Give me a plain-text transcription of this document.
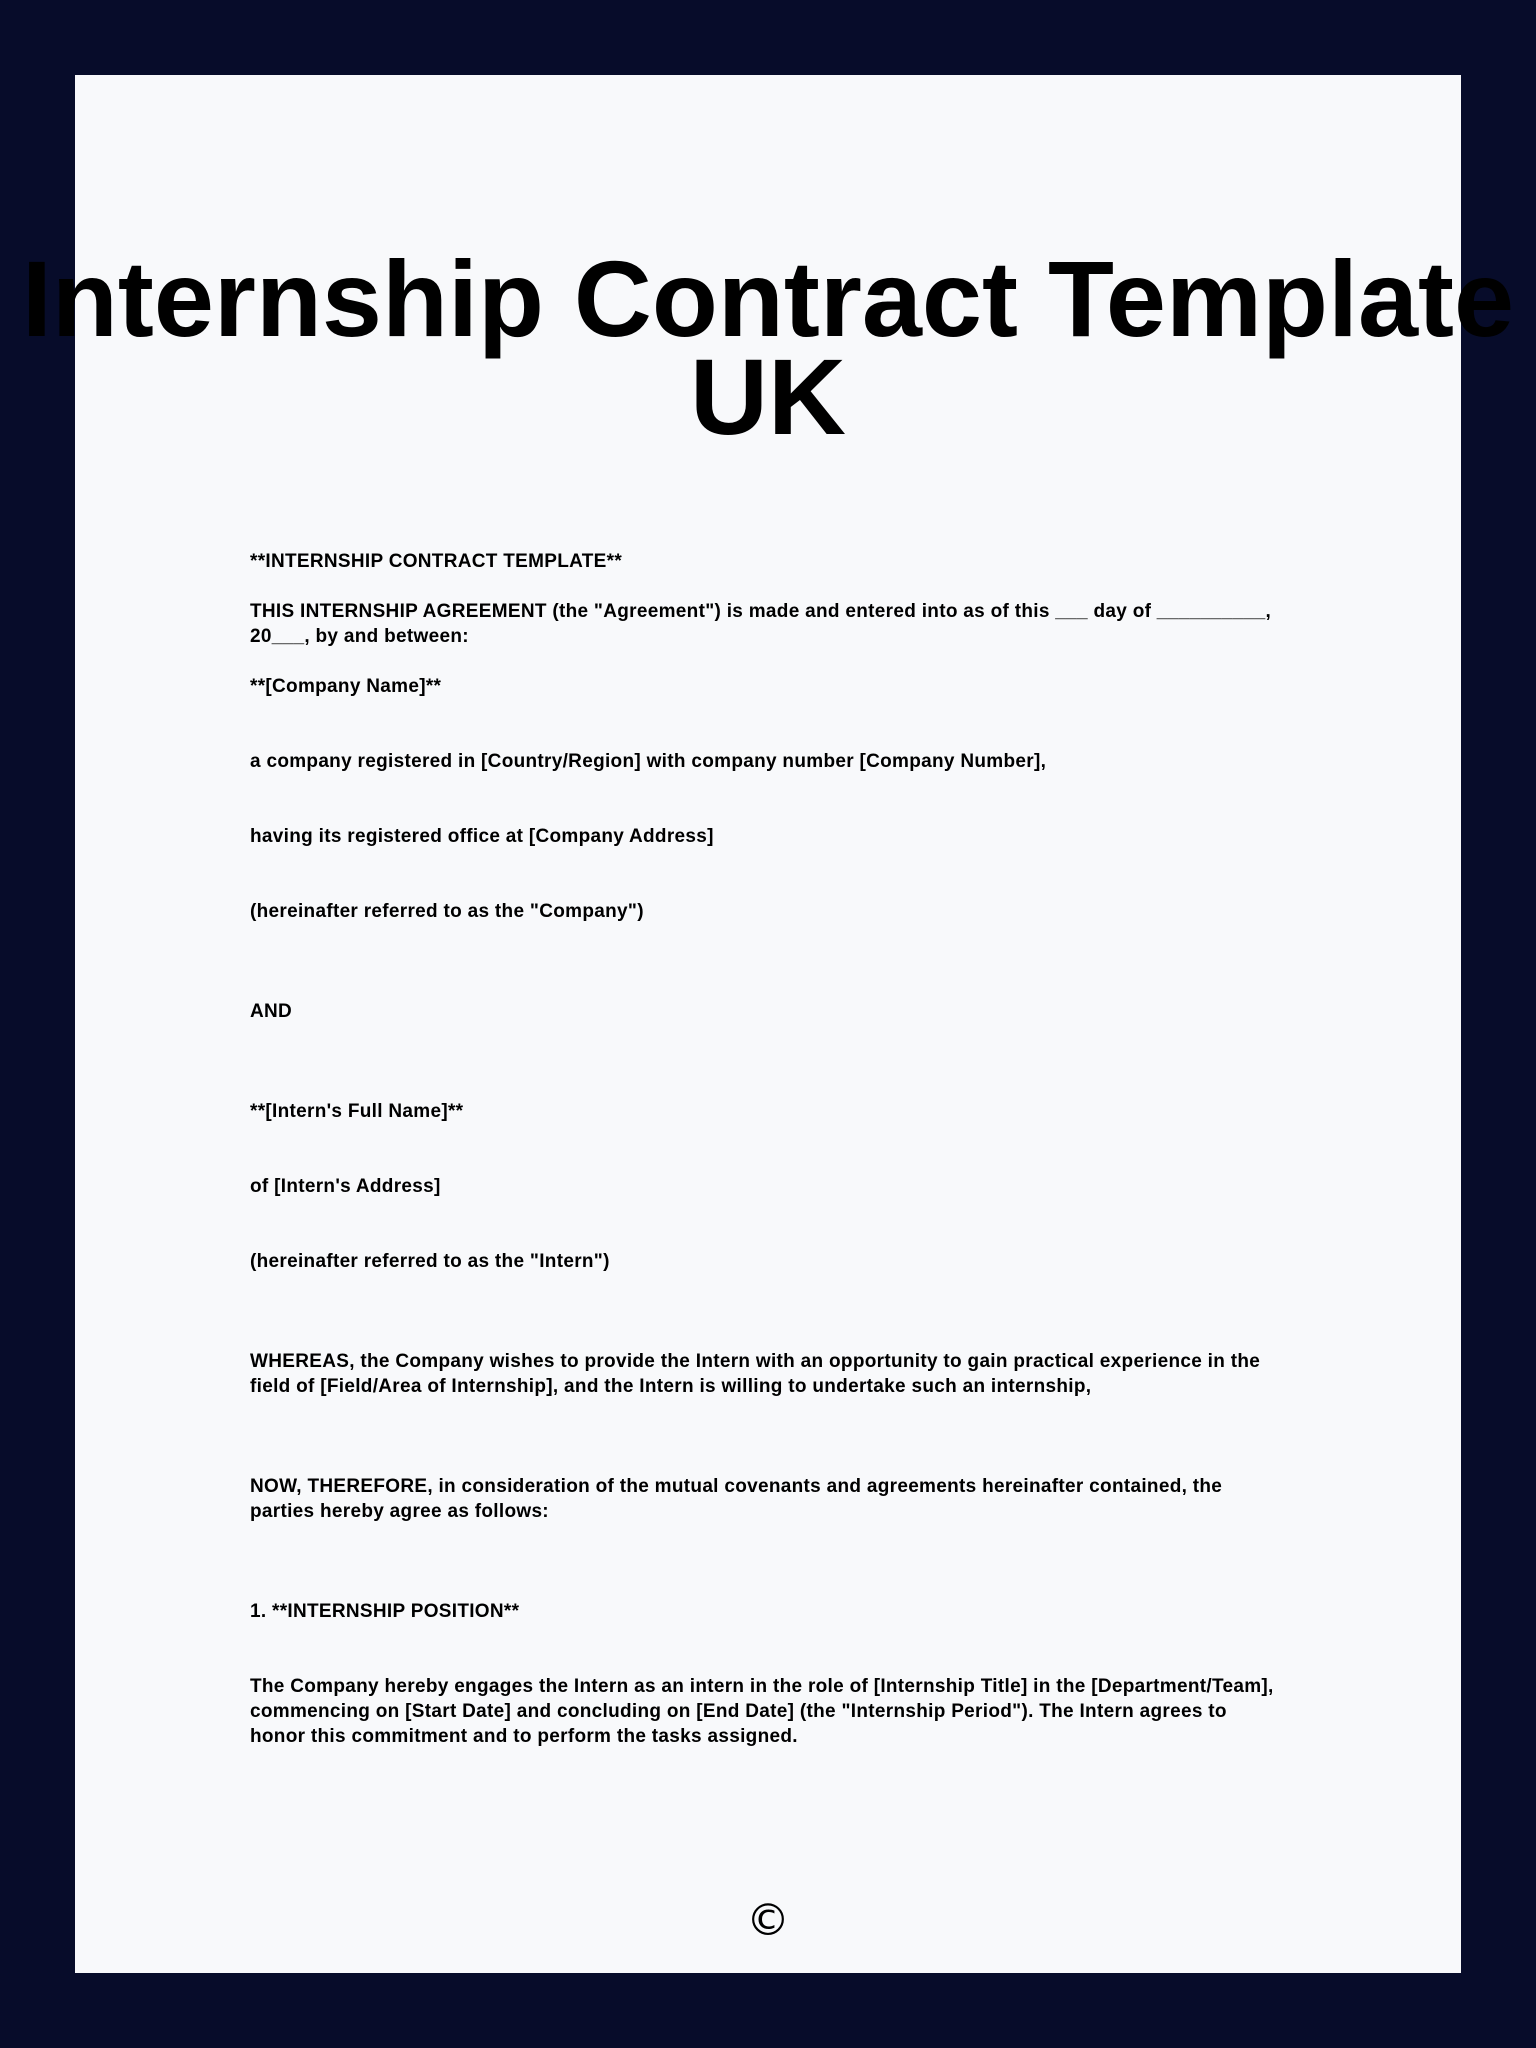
Internship Contract Template
UK

**INTERNSHIP CONTRACT TEMPLATE**

THIS INTERNSHIP AGREEMENT (the "Agreement") is made and entered into as of this ___ day of __________, 20___, by and between:

**[Company Name]**

a company registered in [Country/Region] with company number [Company Number],

having its registered office at [Company Address]

(hereinafter referred to as the "Company")

AND

**[Intern's Full Name]**

of [Intern's Address]

(hereinafter referred to as the "Intern")

WHEREAS, the Company wishes to provide the Intern with an opportunity to gain practical experience in the field of [Field/Area of Internship], and the Intern is willing to undertake such an internship,

NOW, THEREFORE, in consideration of the mutual covenants and agreements hereinafter contained, the parties hereby agree as follows:

1. **INTERNSHIP POSITION**

The Company hereby engages the Intern as an intern in the role of [Internship Title] in the [Department/Team], commencing on [Start Date] and concluding on [End Date] (the "Internship Period"). The Intern agrees to honor this commitment and to perform the tasks assigned.

©
